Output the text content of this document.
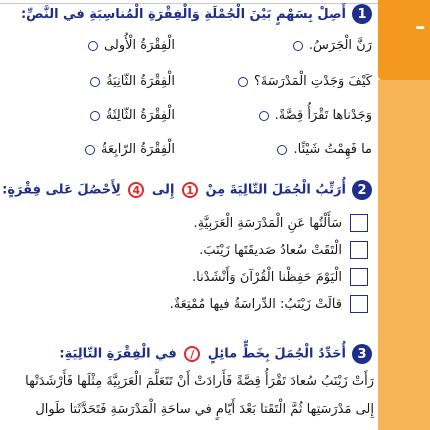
ـ
1
أَصِلْ بِسَهْمٍ بَيْنَ الْجُمْلَةِ وَالْفِقْرَةِ الْمُناسِبَةِ في النَّصِّ:
رَنَّ الْجَرَسُ.
كَيْفَ وَجَدْتِ الْمَدْرَسَةَ؟
وَجَدْناها تَقْرَأُ قِصَّةً.
ما فَهِمْتُ شَيْئًا.
الْفِقْرَةُ الْأُولى
الْفِقْرَةُ الثّانِيَةُ
الْفِقْرَةُ الثّالِثَةُ
الْفِقْرَةُ الرّابِعَةُ
2
أُرَتِّبُ الْجُمَلَ التّالِيَةَ مِنْ 1 إِلى 4 لِأَحْصُلَ عَلى فِقْرَةٍ:
سَأَلْتُها عَنِ الْمَدْرَسَةِ الْعَرَبِيَّةِ.
الْتَقَتْ سُعادُ صَديقَتَها زَيْنَبَ.
الْيَوْمَ حَفِظْنا الْقُرْآنَ وَأَنْشَدْنا.
قالَتْ زَيْنَبُ: الدِّراسَةُ فيها مُمْتِعَةٌ.
3
أُحَدِّدُ الْجُمَلَ بِخَطٍّ مائِلٍ
/
في الْفِقْرَةِ التّالِيَةِ:
رَأَتْ زَيْنَبُ سُعادَ تَقْرَأُ قِصَّةً فَأَرادَتْ أَنْ تَتَعَلَّمَ الْعَرَبِيَّةَ مِثْلَها فَأَرْشَدَتْها
إِلى مَدْرَسَتِها ثُمَّ الْتَقَتا بَعْدَ أَيّامٍ في ساحَةِ الْمَدْرَسَةِ فَتَحَدَّثَتا طَوال
